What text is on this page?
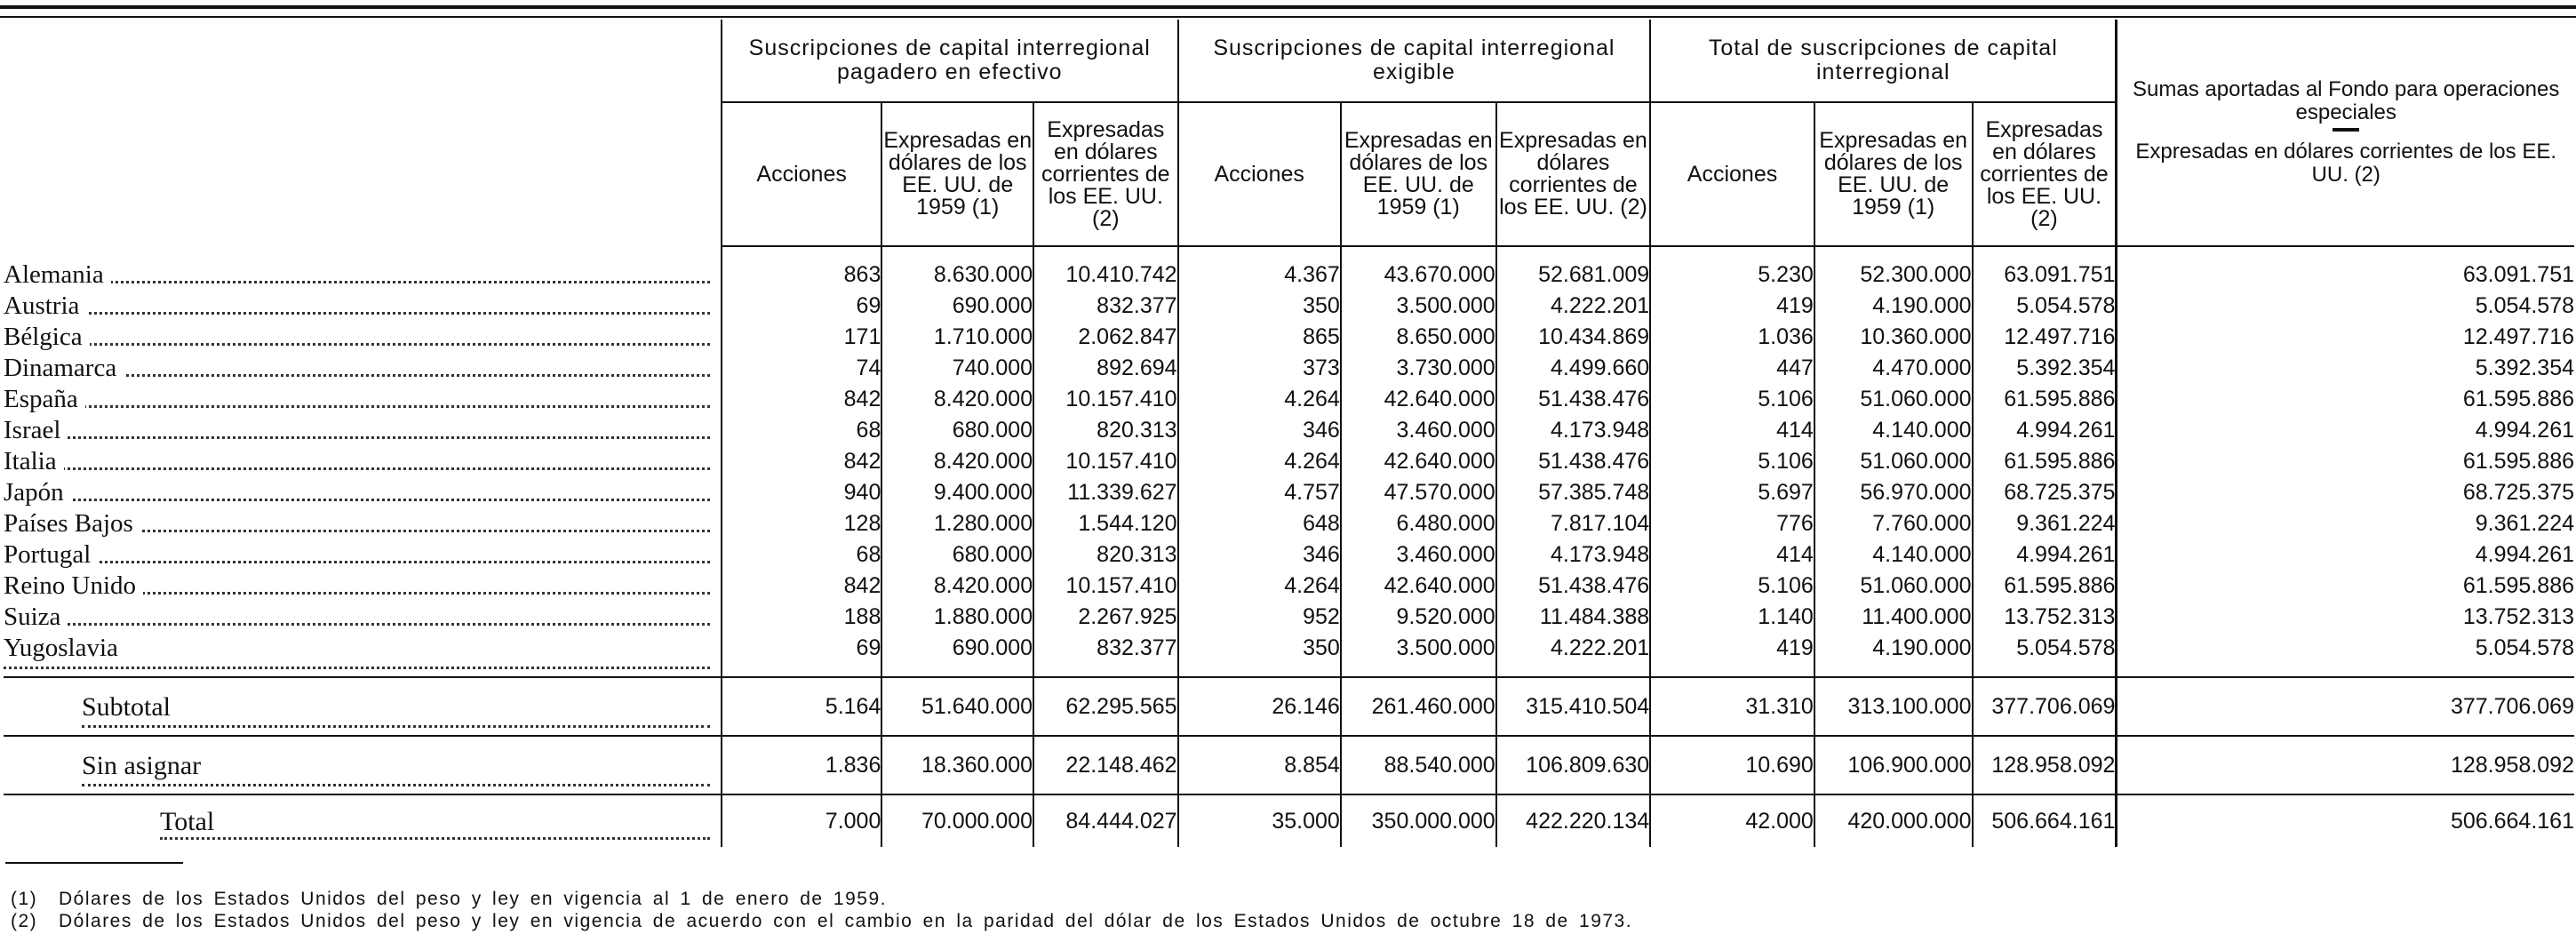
	Suscripciones de capital interregional pagadero en efectivo			Suscripciones de capital interregional exigible			Total de suscripciones de capital interregional			Sumas aportadas al Fondo para operaciones especiales
Expresadas en dólares corrientes de los EE. UU. (2)
	Acciones	Expresadas en dólares de los EE. UU. de 1959 (1)	Expresadas en dólares corrientes de los EE. UU. (2)	Acciones	Expresadas en dólares de los EE. UU. de 1959 (1)	Expresadas en dólares corrientes de los EE. UU. (2)	Acciones	Expresadas en dólares de los EE. UU. de 1959 (1)	Expresadas en dólares corrientes de los EE. UU. (2)	
Alemania	863	8.630.000	10.410.742	4.367	43.670.000	52.681.009	5.230	52.300.000	63.091.751	63.091.751
Austria	69	690.000	832.377	350	3.500.000	4.222.201	419	4.190.000	5.054.578	5.054.578
Bélgica	171	1.710.000	2.062.847	865	8.650.000	10.434.869	1.036	10.360.000	12.497.716	12.497.716
Dinamarca	74	740.000	892.694	373	3.730.000	4.499.660	447	4.470.000	5.392.354	5.392.354
España	842	8.420.000	10.157.410	4.264	42.640.000	51.438.476	5.106	51.060.000	61.595.886	61.595.886
Israel	68	680.000	820.313	346	3.460.000	4.173.948	414	4.140.000	4.994.261	4.994.261
Italia	842	8.420.000	10.157.410	4.264	42.640.000	51.438.476	5.106	51.060.000	61.595.886	61.595.886
Japón	940	9.400.000	11.339.627	4.757	47.570.000	57.385.748	5.697	56.970.000	68.725.375	68.725.375
Países Bajos	128	1.280.000	1.544.120	648	6.480.000	7.817.104	776	7.760.000	9.361.224	9.361.224
Portugal	68	680.000	820.313	346	3.460.000	4.173.948	414	4.140.000	4.994.261	4.994.261
Reino Unido	842	8.420.000	10.157.410	4.264	42.640.000	51.438.476	5.106	51.060.000	61.595.886	61.595.886
Suiza	188	1.880.000	2.267.925	952	9.520.000	11.484.388	1.140	11.400.000	13.752.313	13.752.313
Yugoslavia	69	690.000	832.377	350	3.500.000	4.222.201	419	4.190.000	5.054.578	5.054.578
Subtotal	5.164	51.640.000	62.295.565	26.146	261.460.000	315.410.504	31.310	313.100.000	377.706.069	377.706.069
Sin asignar	1.836	18.360.000	22.148.462	8.854	88.540.000	106.809.630	10.690	106.900.000	128.958.092	128.958.092
Total	7.000	70.000.000	84.444.027	35.000	350.000.000	422.220.134	42.000	420.000.000	506.664.161	506.664.161
(1) Dólares de los Estados Unidos del peso y ley en vigencia al 1 de enero de 1959.
(2) Dólares de los Estados Unidos del peso y ley en vigencia de acuerdo con el cambio en la paridad del dólar de los Estados Unidos de octubre 18 de 1973.
